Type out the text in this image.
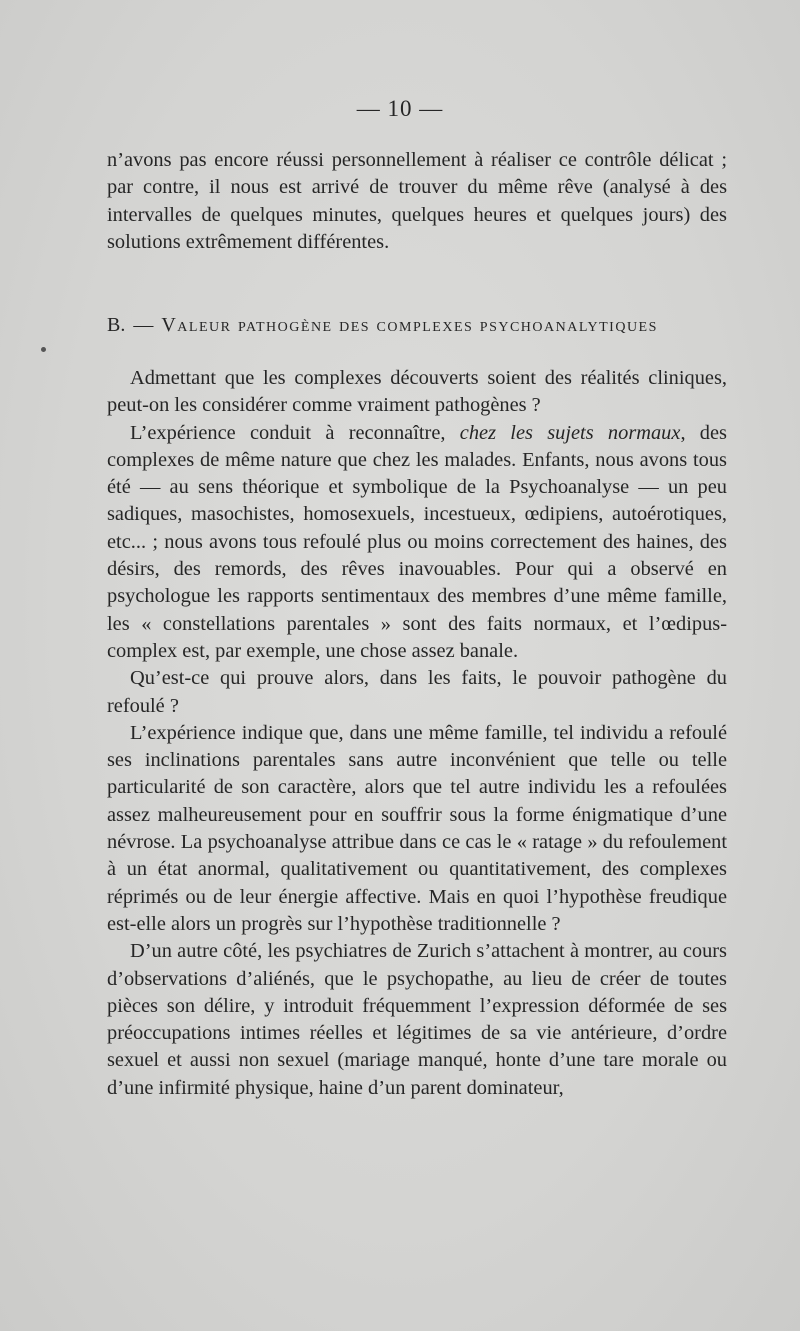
— 10 —

n’avons pas encore réussi personnellement à réaliser ce contrôle délicat ; par contre, il nous est arrivé de trouver du même rêve (analysé à des intervalles de quelques minutes, quelques heures et quelques jours) des solutions extrêmement différentes.

B. — Valeur pathogène des complexes psychoanalytiques

Admettant que les complexes découverts soient des réalités cliniques, peut-on les considérer comme vraiment pathogènes ?

L’expérience conduit à reconnaître, chez les sujets normaux, des complexes de même nature que chez les malades. Enfants, nous avons tous été — au sens théorique et symbolique de la Psychoanalyse — un peu sadiques, masochistes, homosexuels, incestueux, œdipiens, autoérotiques, etc... ; nous avons tous refoulé plus ou moins correctement des haines, des désirs, des remords, des rêves inavouables. Pour qui a observé en psychologue les rapports sentimentaux des membres d’une même famille, les « constellations parentales » sont des faits normaux, et l’œdipus-complex est, par exemple, une chose assez banale.

Qu’est-ce qui prouve alors, dans les faits, le pouvoir pathogène du refoulé ?

L’expérience indique que, dans une même famille, tel individu a refoulé ses inclinations parentales sans autre inconvénient que telle ou telle particularité de son caractère, alors que tel autre individu les a refoulées assez malheureusement pour en souffrir sous la forme énigmatique d’une névrose. La psychoanalyse attribue dans ce cas le « ratage » du refoulement à un état anormal, qualitativement ou quantitativement, des complexes réprimés ou de leur énergie affective. Mais en quoi l’hypothèse freudique est-elle alors un progrès sur l’hypothèse traditionnelle ?

D’un autre côté, les psychiatres de Zurich s’attachent à montrer, au cours d’observations d’aliénés, que le psychopathe, au lieu de créer de toutes pièces son délire, y introduit fréquemment l’expression déformée de ses préoccupations intimes réelles et légitimes de sa vie antérieure, d’ordre sexuel et aussi non sexuel (mariage manqué, honte d’une tare morale ou d’une infirmité physique, haine d’un parent dominateur,
